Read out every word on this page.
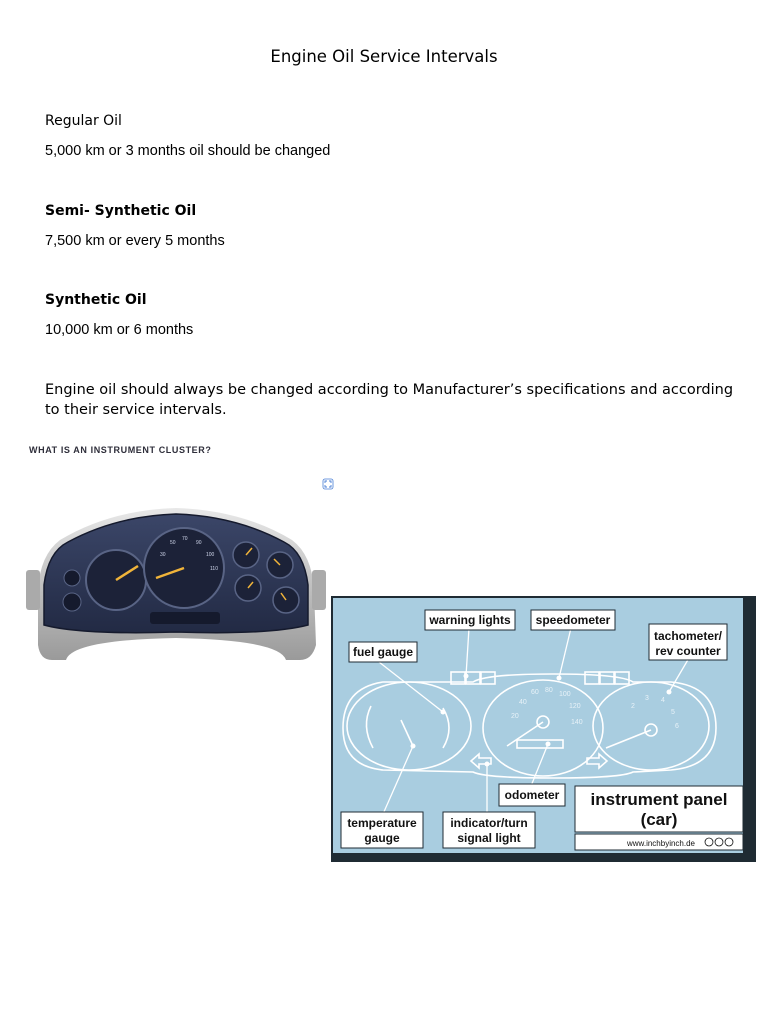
Engine Oil Service Intervals
Regular Oil
5,000 km or 3 months oil should be changed
Semi- Synthetic Oil
7,500 km or every 5 months
Synthetic Oil
10,000 km or 6 months
Engine oil should always be changed according to Manufacturer’s specifications and according to their service intervals.
WHAT IS AN INSTRUMENT CLUSTER?
30
50
70
90
100
110
40
60 80
100
120
140
20
2
3 4
5
6
warning lights speedometer
tachometer/
rev counter
fuel gauge
odometer
temperature
gauge
indicator/turn
signal light
instrument panel
(car)
www.inchbyinch.de
